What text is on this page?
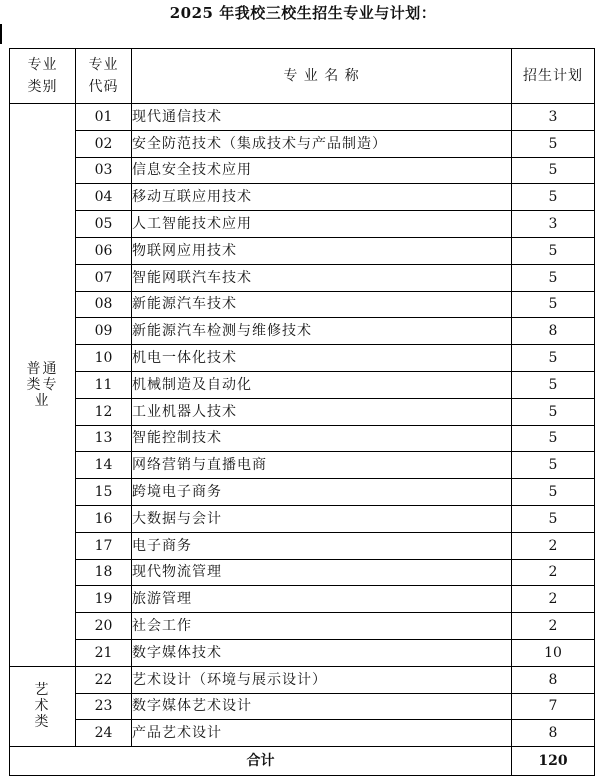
2025 年我校三校生招生专业与计划：
专业类别	专业代码	专 业 名 称	招生计划
普通类专业	01	现代通信技术	3
	02	安全防范技术（集成技术与产品制造）	5
	03	信息安全技术应用	5
	04	移动互联应用技术	5
	05	人工智能技术应用	3
	06	物联网应用技术	5
	07	智能网联汽车技术	5
	08	新能源汽车技术	5
	09	新能源汽车检测与维修技术	8
	10	机电一体化技术	5
	11	机械制造及自动化	5
	12	工业机器人技术	5
	13	智能控制技术	5
	14	网络营销与直播电商	5
	15	跨境电子商务	5
	16	大数据与会计	5
	17	电子商务	2
	18	现代物流管理	2
	19	旅游管理	2
	20	社会工作	2
	21	数字媒体技术	10
艺术类	22	艺术设计（环境与展示设计）	8
	23	数字媒体艺术设计	7
	24	产品艺术设计	8
合计			120
